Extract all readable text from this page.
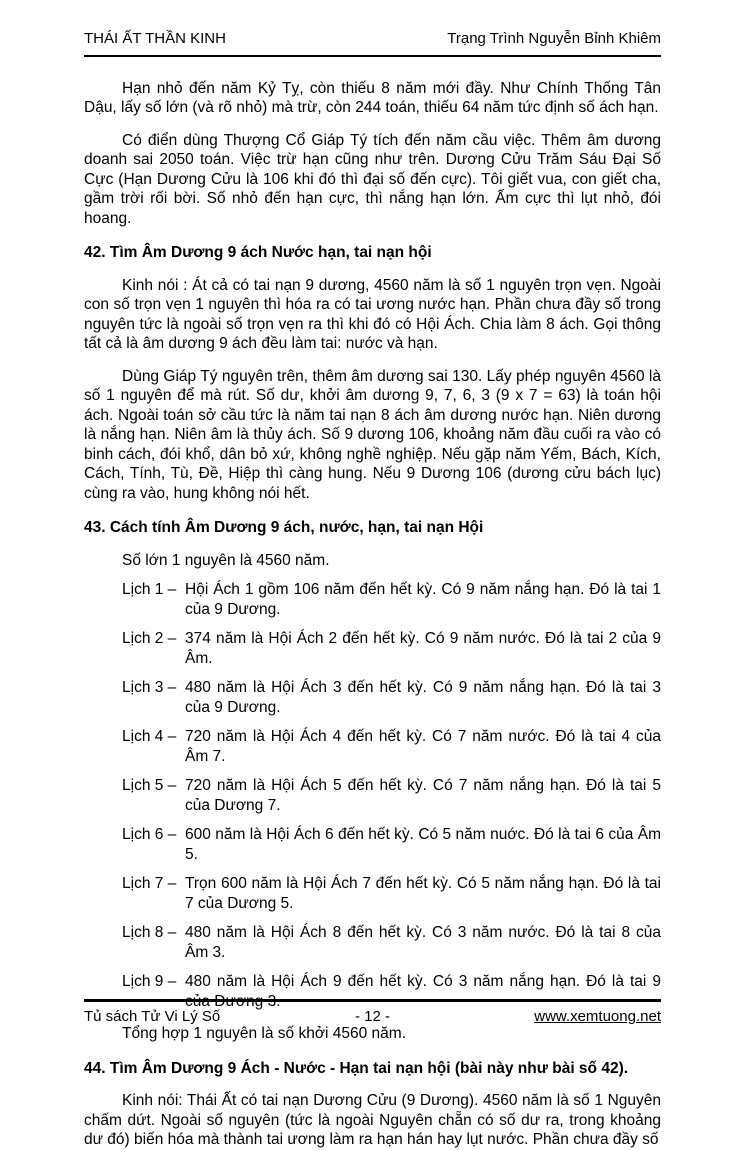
THÁI ẤT THẦN KINH	Trạng Trình Nguyễn Bỉnh Khiêm

Hạn nhỏ đến năm Kỷ Tỵ, còn thiếu 8 năm mới đầy. Như Chính Thống Tân Dậu, lấy số lớn (và rõ nhỏ) mà trừ, còn 244 toán, thiếu 64 năm tức định số ách hạn.

Có điển dùng Thượng Cổ Giáp Tý tích đến năm cầu việc. Thêm âm dương doanh sai 2050 toán. Việc trừ hạn cũng như trên. Dương Cửu Trăm Sáu Đại Số Cực (Hạn Dương Cửu là 106 khi đó thì đại số đến cực). Tôi giết vua, con giết cha, gầm trời rối bời. Số nhỏ đến hạn cực, thì nắng hạn lớn. Ấm cực thì lụt nhỏ, đói hoang.

42. Tìm Âm Dương 9 ách Nước hạn, tai nạn hội

Kinh nói : Át cả có tai nạn 9 dương, 4560 năm là số 1 nguyên trọn vẹn. Ngoài con số trọn vẹn 1 nguyên thì hóa ra có tai ương nước hạn. Phần chưa đầy số trong nguyên tức là ngoài số trọn vẹn ra thì khi đó có Hội Ách. Chia làm 8 ách. Gọi thông tất cả là âm dương 9 ách đều làm tai: nước và hạn.

Dùng Giáp Tý nguyên trên, thêm âm dương sai 130. Lấy phép nguyên 4560 là số 1 nguyên để mà rút. Số dư, khởi âm dương 9, 7, 6, 3 (9 x 7 = 63) là toán hội ách. Ngoài toán sở cầu tức là năm tai nạn 8 ách âm dương nước hạn. Niên dương là nắng hạn. Niên âm là thủy ách. Số 9 dương 106, khoảng năm đầu cuối ra vào có binh cách, đói khổ, dân bỏ xứ, không nghề nghiệp. Nếu gặp năm Yếm, Bách, Kích, Cách, Tính, Tù, Đề, Hiệp thì càng hung. Nếu 9 Dương 106 (dương cửu bách lục) cùng ra vào, hung không nói hết.

43. Cách tính Âm Dương 9 ách, nước, hạn, tai nạn Hội

Số lớn 1 nguyên là 4560 năm.

Lịch 1 – Hội Ách 1 gồm 106 năm đến hết kỳ. Có 9 năm nắng hạn. Đó là tai 1 của 9 Dương.
Lịch 2 – 374 năm là Hội Ách 2 đến hết kỳ. Có 9 năm nước. Đó là tai 2 của 9 Âm.
Lịch 3 – 480 năm là Hội Ách 3 đến hết kỳ. Có 9 năm nắng hạn. Đó là tai 3 của 9 Dương.
Lịch 4 – 720 năm là Hội Ách 4 đến hết kỳ. Có 7 năm nước. Đó là tai 4 của Âm 7.
Lịch 5 – 720 năm là Hội Ách 5 đến hết kỳ. Có 7 năm nắng hạn. Đó là tai 5 của Dương 7.
Lịch 6 – 600 năm là Hội Ách 6 đến hết kỳ. Có 5 năm nuớc. Đó là tai 6 của Âm 5.
Lịch 7 – Trọn 600 năm là Hội Ách 7 đến hết kỳ. Có 5 năm nắng hạn. Đó là tai 7 của Dương 5.
Lịch 8 – 480 năm là Hội Ách 8 đến hết kỳ. Có 3 năm nước. Đó là tai 8 của Âm 3.
Lịch 9 – 480 năm là Hội Ách 9 đến hết kỳ. Có 3 năm nắng hạn. Đó là tai 9 của Dương 3.

Tổng hợp 1 nguyên là số khởi 4560 năm.

44. Tìm Âm Dương 9 Ách - Nước - Hạn tai nạn hội (bài này như bài số 42).

Kinh nói: Thái Ất có tai nạn Dương Cửu (9 Dương). 4560 năm là số 1 Nguyên chấm dứt. Ngoài số nguyên (tức là ngoài Nguyên chẵn có số dư ra, trong khoảng dư đó) biến hóa mà thành tai ương làm ra hạn hán hay lụt nước. Phần chưa đầy số

Tủ sách Tử Vi Lý Số	- 12 -	www.xemtuong.net
